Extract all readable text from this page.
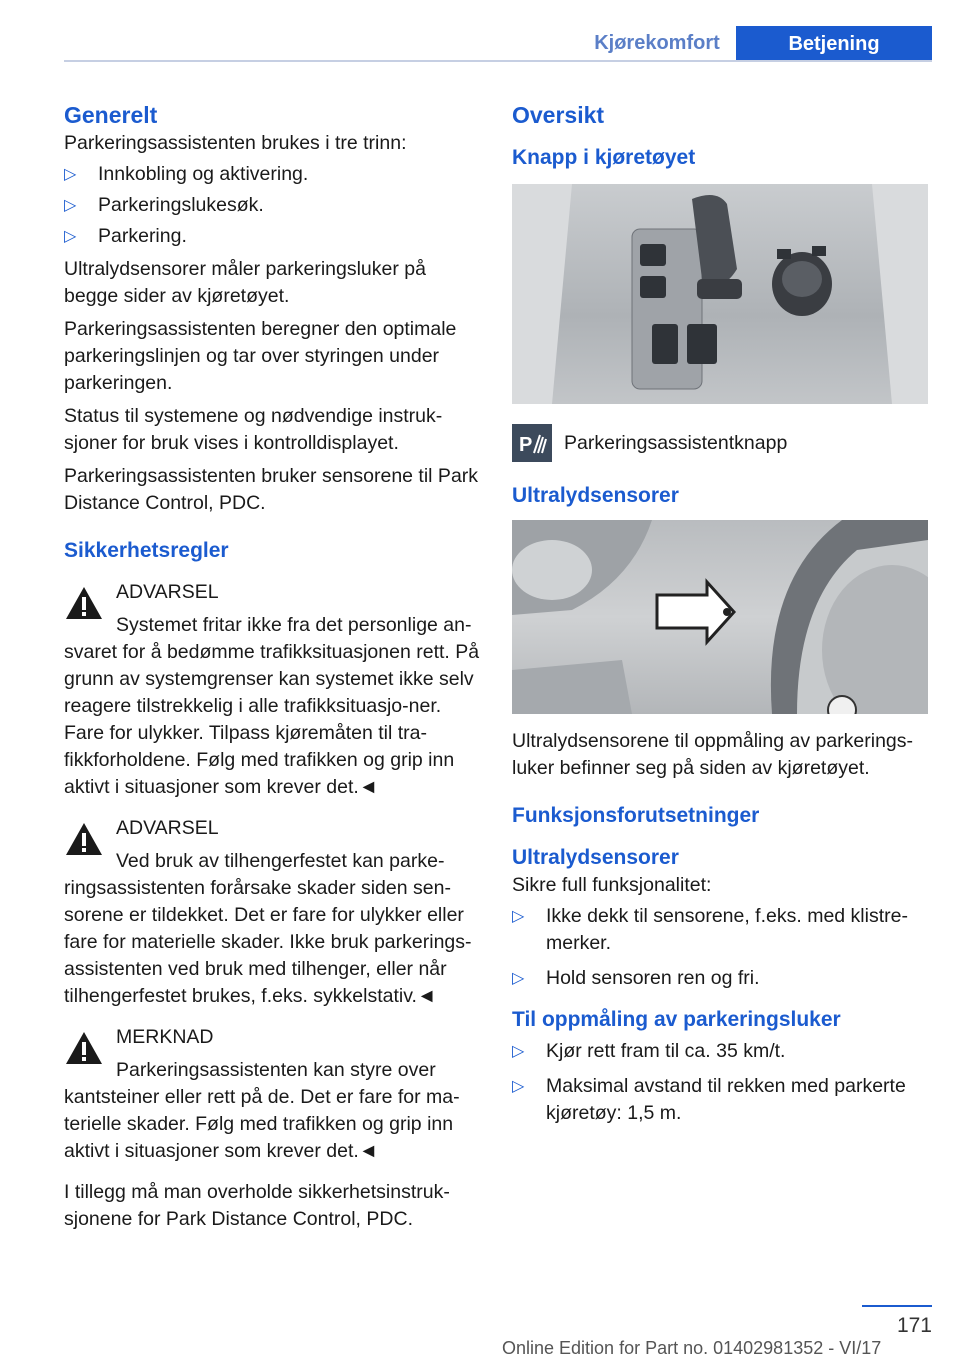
Kjørekomfort	Betjening
Generelt

Parkeringsassistenten brukes i tre trinn:

▷ Innkobling og aktivering.
▷ Parkeringslukesøk.
▷ Parkering.

Ultralydsensorer måler parkeringsluker på begge sider av kjøretøyet.

Parkeringsassistenten beregner den optimale parkeringslinjen og tar over styringen under parkeringen.

Status til systemene og nødvendige instruk‐sjoner for bruk vises i kontrolldisplayet.

Parkeringsassistenten bruker sensorene til Park Distance Control, PDC.

Sikkerhetsregler
ADVARSEL
Systemet fritar ikke fra det personlige an‐svaret for å bedømme trafikksituasjonen rett. På grunn av systemgrenser kan systemet ikke selv reagere tilstrekkelig i alle trafikksituasjo‐ner. Fare for ulykker. Tilpass kjøremåten til tra‐fikkforholdene. Følg med trafikken og grip inn aktivt i situasjoner som krever det.◄
ADVARSEL
Ved bruk av tilhengerfestet kan parke‐ringsassistenten forårsake skader siden sen‐sorene er tildekket. Det er fare for ulykker eller fare for materielle skader. Ikke bruk parkerings‐assistenten ved bruk med tilhenger, eller når tilhengerfestet brukes, f.eks. sykkelstativ.◄
MERKNAD
Parkeringsassistenten kan styre over kantsteiner eller rett på de. Det er fare for ma‐terielle skader. Følg med trafikken og grip inn aktivt i situasjoner som krever det.◄

I tillegg må man overholde sikkerhetsinstruk‐sjonene for Park Distance Control, PDC.

Oversikt
Knapp i kjøretøyet
P Parkeringsassistentknapp

Ultralydsensorer

Ultralydsensorene til oppmåling av parkerings‐luker befinner seg på siden av kjøretøyet.

Funksjonsforutsetninger
Ultralydsensorer

Sikre full funksjonalitet:

▷ Ikke dekk til sensorene, f.eks. med klistre‐merker.
▷ Hold sensoren ren og fri.
Til oppmåling av parkeringsluker
▷ Kjør rett fram til ca. 35 km/t.
▷ Maksimal avstand til rekken med parkerte kjøretøy: 1,5 m.
171
Online Edition for Part no. 01402981352 - VI/17
